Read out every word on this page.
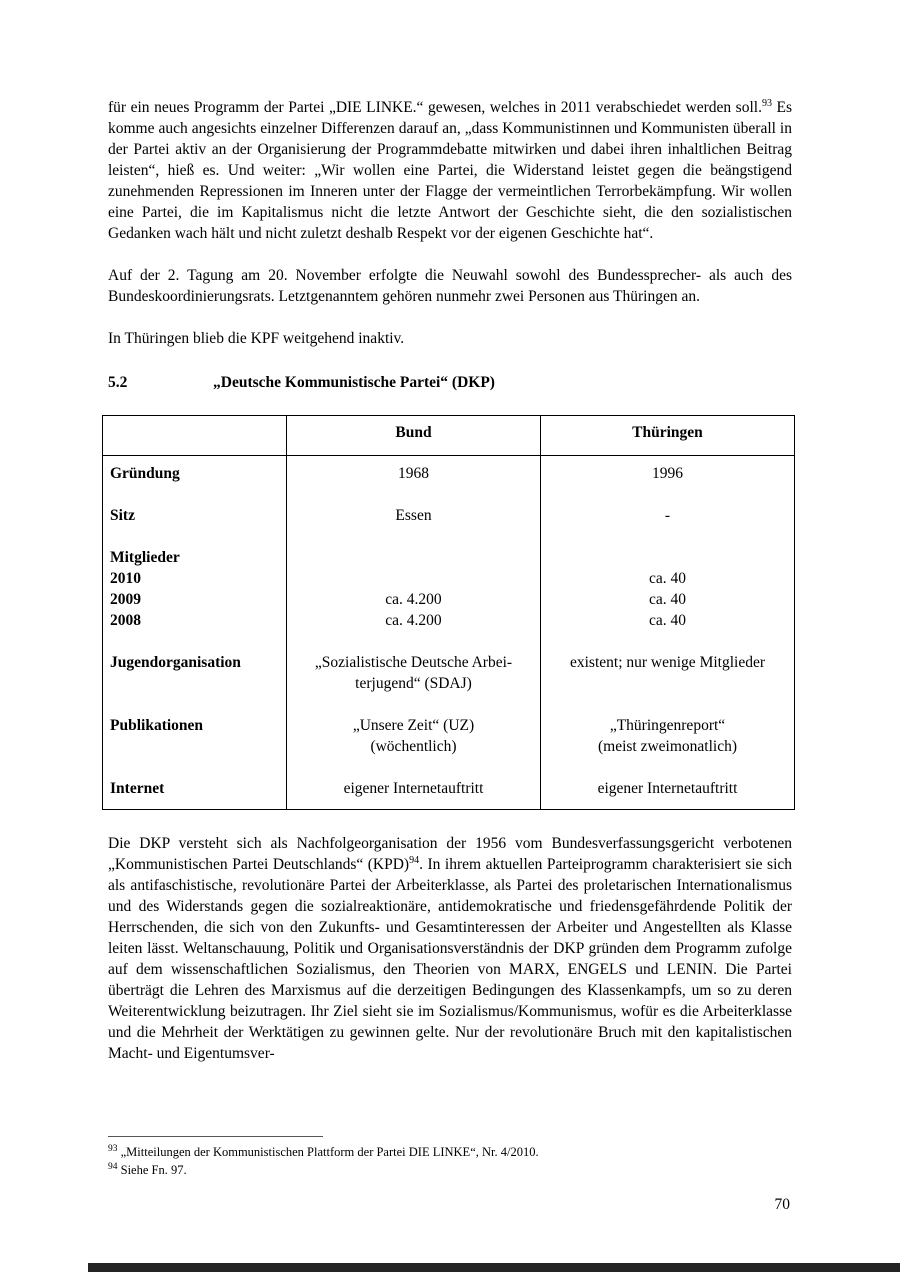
für ein neues Programm der Partei „DIE LINKE.“ gewesen, welches in 2011 verabschiedet werden soll.$^{93}$ Es komme auch angesichts einzelner Differenzen darauf an, „dass Kommunistinnen und Kommunisten überall in der Partei aktiv an der Organisierung der Programmdebatte mitwirken und dabei ihren inhaltlichen Beitrag leisten“, hieß es. Und weiter: „Wir wollen eine Partei, die Widerstand leistet gegen die beängstigend zunehmenden Repressionen im Inneren unter der Flagge der vermeintlichen Terrorbekämpfung. Wir wollen eine Partei, die im Kapitalismus nicht die letzte Antwort der Geschichte sieht, die den sozialistischen Gedanken wach hält und nicht zuletzt deshalb Respekt vor der eigenen Geschichte hat“.

Auf der 2. Tagung am 20. November erfolgte die Neuwahl sowohl des Bundessprecher- als auch des Bundeskoordinierungsrats. Letztgenanntem gehören nunmehr zwei Personen aus Thüringen an.

In Thüringen blieb die KPF weitgehend inaktiv.

5.2	„Deutsche Kommunistische Partei“ (DKP)
Bund	Thüringen
Gründung
Sitz
Mitglieder
2010
2009
2008
Jugendorganisation
Publikationen
Internet
1968
Essen
ca. 4.200
ca. 4.200
„Sozialistische Deutsche Arbei-
terjugend“ (SDAJ)
„Unsere Zeit“ (UZ)
(wöchentlich)
eigener Internetauftritt
1996
-
ca. 40
ca. 40
ca. 40
existent; nur wenige Mitglieder
„Thüringenreport“
(meist zweimonatlich)
eigener Internetauftritt

Die DKP versteht sich als Nachfolgeorganisation der 1956 vom Bundesverfassungsgericht verbotenen „Kommunistischen Partei Deutschlands“ (KPD)$^{94}$. In ihrem aktuellen Parteiprogramm charakterisiert sie sich als antifaschistische, revolutionäre Partei der Arbeiterklasse, als Partei des proletarischen Internationalismus und des Widerstands gegen die sozialreaktionäre, antidemokratische und friedensgefährdende Politik der Herrschenden, die sich von den Zukunfts- und Gesamtinteressen der Arbeiter und Angestellten als Klasse leiten lässt. Weltanschauung, Politik und Organisationsverständnis der DKP gründen dem Programm zufolge auf dem wissenschaftlichen Sozialismus, den Theorien von MARX, ENGELS und LENIN. Die Partei überträgt die Lehren des Marxismus auf die derzeitigen Bedingungen des Klassenkampfs, um so zu deren Weiterentwicklung beizutragen. Ihr Ziel sieht sie im Sozialismus/Kommunismus, wofür es die Arbeiterklasse und die Mehrheit der Werktätigen zu gewinnen gelte. Nur der revolutionäre Bruch mit den kapitalistischen Macht- und Eigentumsver-

$^{93}$ „Mitteilungen der Kommunistischen Plattform der Partei DIE LINKE“, Nr. 4/2010.
$^{94}$ Siehe Fn. 97.
70
